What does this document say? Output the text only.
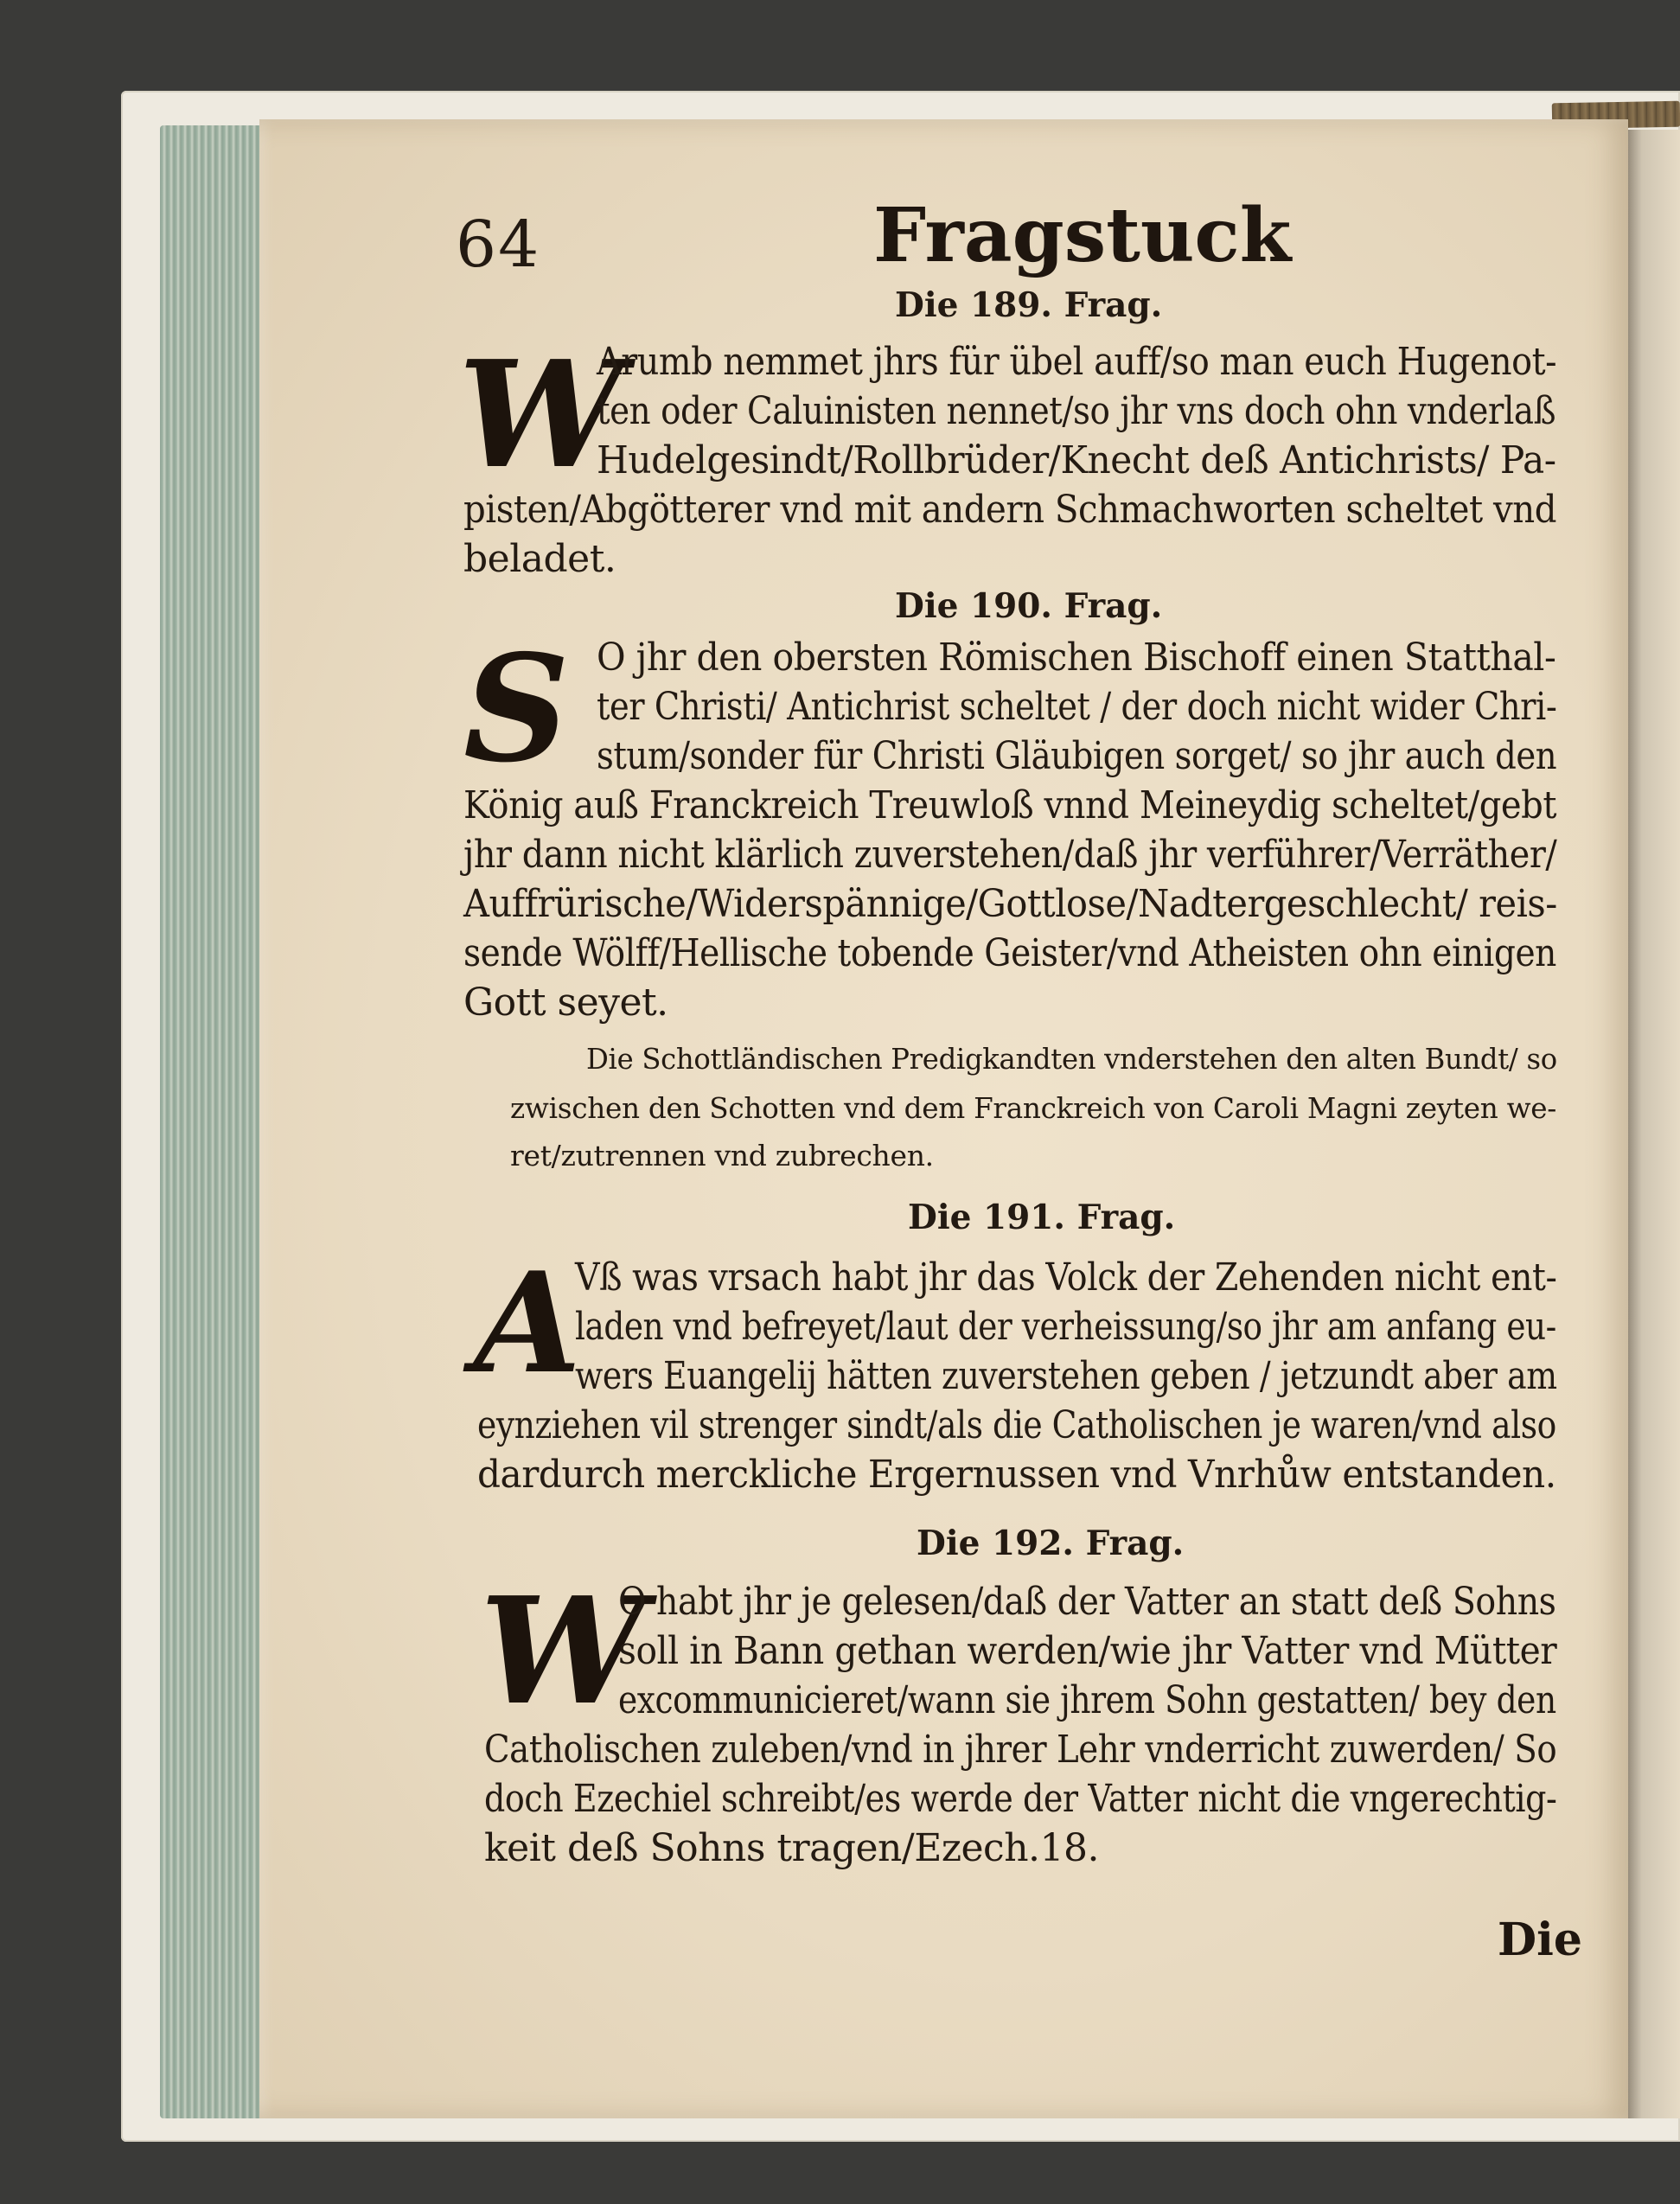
64	Fragstuck
Die 189. Frag.
W
Arumb nemmet jhrs für übel auff/so man euch Hugenot-
ten oder Caluinisten nennet/so jhr vns doch ohn vnderlaß
Hudelgesindt/Rollbrüder/Knecht deß Antichrists/ Pa-
pisten/Abgötterer vnd mit andern Schmachworten scheltet vnd
beladet.
Die 190. Frag.
S O jhr den obersten Römischen Bischoff einen Statthal-
ter Christi/ Antichrist scheltet / der doch nicht wider Chri-
stum/sonder für Christi Gläubigen sorget/ so jhr auch den
König auß Franckreich Treuwloß vnnd Meineydig scheltet/gebt
jhr dann nicht klärlich zuverstehen/daß jhr verführer/Verräther/
Auffrürische/Widerspännige/Gottlose/Nadtergeschlecht/ reis-
sende Wölff/Hellische tobende Geister/vnd Atheisten ohn einigen
Gott seyet.
Die Schottländischen Predigkandten vnderstehen den alten Bundt/ so
zwischen den Schotten vnd dem Franckreich von Caroli Magni zeyten we-
ret/zutrennen vnd zubrechen.
Die 191. Frag.
A
Vß was vrsach habt jhr das Volck der Zehenden nicht ent-
laden vnd befreyet/laut der verheissung/so jhr am anfang eu-
wers Euangelij hätten zuverstehen geben / jetzundt aber am
eynziehen vil strenger sindt/als die Catholischen je waren/vnd also
dardurch merckliche Ergernussen vnd Vnrhůw entstanden.
Die 192. Frag.
W
O habt jhr je gelesen/daß der Vatter an statt deß Sohns
soll in Bann gethan werden/wie jhr Vatter vnd Mütter
excommunicieret/wann sie jhrem Sohn gestatten/ bey den
Catholischen zuleben/vnd in jhrer Lehr vnderricht zuwerden/ So
doch Ezechiel schreibt/es werde der Vatter nicht die vngerechtig-
keit deß Sohns tragen/Ezech.18.
Die
